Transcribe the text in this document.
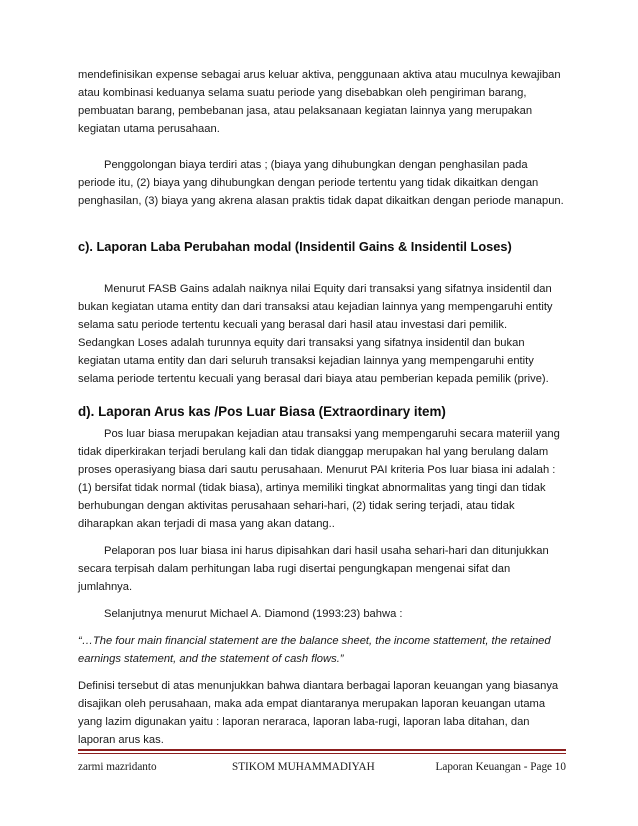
mendefinisikan expense sebagai arus keluar aktiva, penggunaan aktiva atau muculnya kewajiban atau kombinasi keduanya selama suatu periode yang disebabkan oleh pengiriman barang, pembuatan barang, pembebanan jasa, atau pelaksanaan kegiatan lainnya yang merupakan kegiatan utama perusahaan.

Penggolongan biaya terdiri atas ; (biaya yang dihubungkan dengan penghasilan pada periode itu, (2) biaya yang dihubungkan dengan periode tertentu yang tidak dikaitkan dengan penghasilan, (3) biaya yang akrena alasan praktis tidak dapat dikaitkan dengan periode manapun.

c). Laporan Laba Perubahan modal (Insidentil Gains & Insidentil Loses)

Menurut FASB Gains adalah naiknya nilai Equity dari transaksi yang sifatnya insidentil dan bukan kegiatan utama entity dan dari transaksi atau kejadian lainnya yang mempengaruhi entity selama satu periode tertentu kecuali yang berasal dari hasil atau investasi dari pemilik. Sedangkan Loses adalah turunnya equity dari transaksi yang sifatnya insidentil dan bukan kegiatan utama entity dan dari seluruh transaksi kejadian lainnya yang mempengaruhi entity selama periode tertentu kecuali yang berasal dari biaya atau pemberian kepada pemilik (prive).

d). Laporan Arus kas /Pos Luar Biasa (Extraordinary item)

Pos luar biasa merupakan kejadian atau transaksi yang mempengaruhi secara materiil yang tidak diperkirakan terjadi berulang kali dan tidak dianggap merupakan hal yang berulang dalam proses operasiyang biasa dari sautu perusahaan. Menurut PAI kriteria Pos luar biasa ini adalah : (1) bersifat tidak normal (tidak biasa), artinya memiliki tingkat abnormalitas yang tingi dan tidak berhubungan dengan aktivitas perusahaan sehari-hari, (2) tidak sering terjadi, atau tidak diharapkan akan terjadi di masa yang akan datang..

Pelaporan pos luar biasa ini harus dipisahkan dari hasil usaha sehari-hari dan ditunjukkan secara terpisah dalam perhitungan laba rugi disertai pengungkapan mengenai sifat dan jumlahnya.

Selanjutnya menurut Michael A. Diamond (1993:23) bahwa :

“…The four main financial statement are the balance sheet, the income stattement, the retained earnings statement, and the statement of cash flows.”

Definisi tersebut di atas menunjukkan bahwa diantara berbagai laporan keuangan yang biasanya disajikan oleh perusahaan, maka ada empat diantaranya merupakan laporan keuangan utama yang lazim digunakan yaitu : laporan neraraca, laporan laba-rugi, laporan laba ditahan, dan laporan arus kas.

zarmi mazridanto	STIKOM MUHAMMADIYAH	Laporan Keuangan - Page 10
